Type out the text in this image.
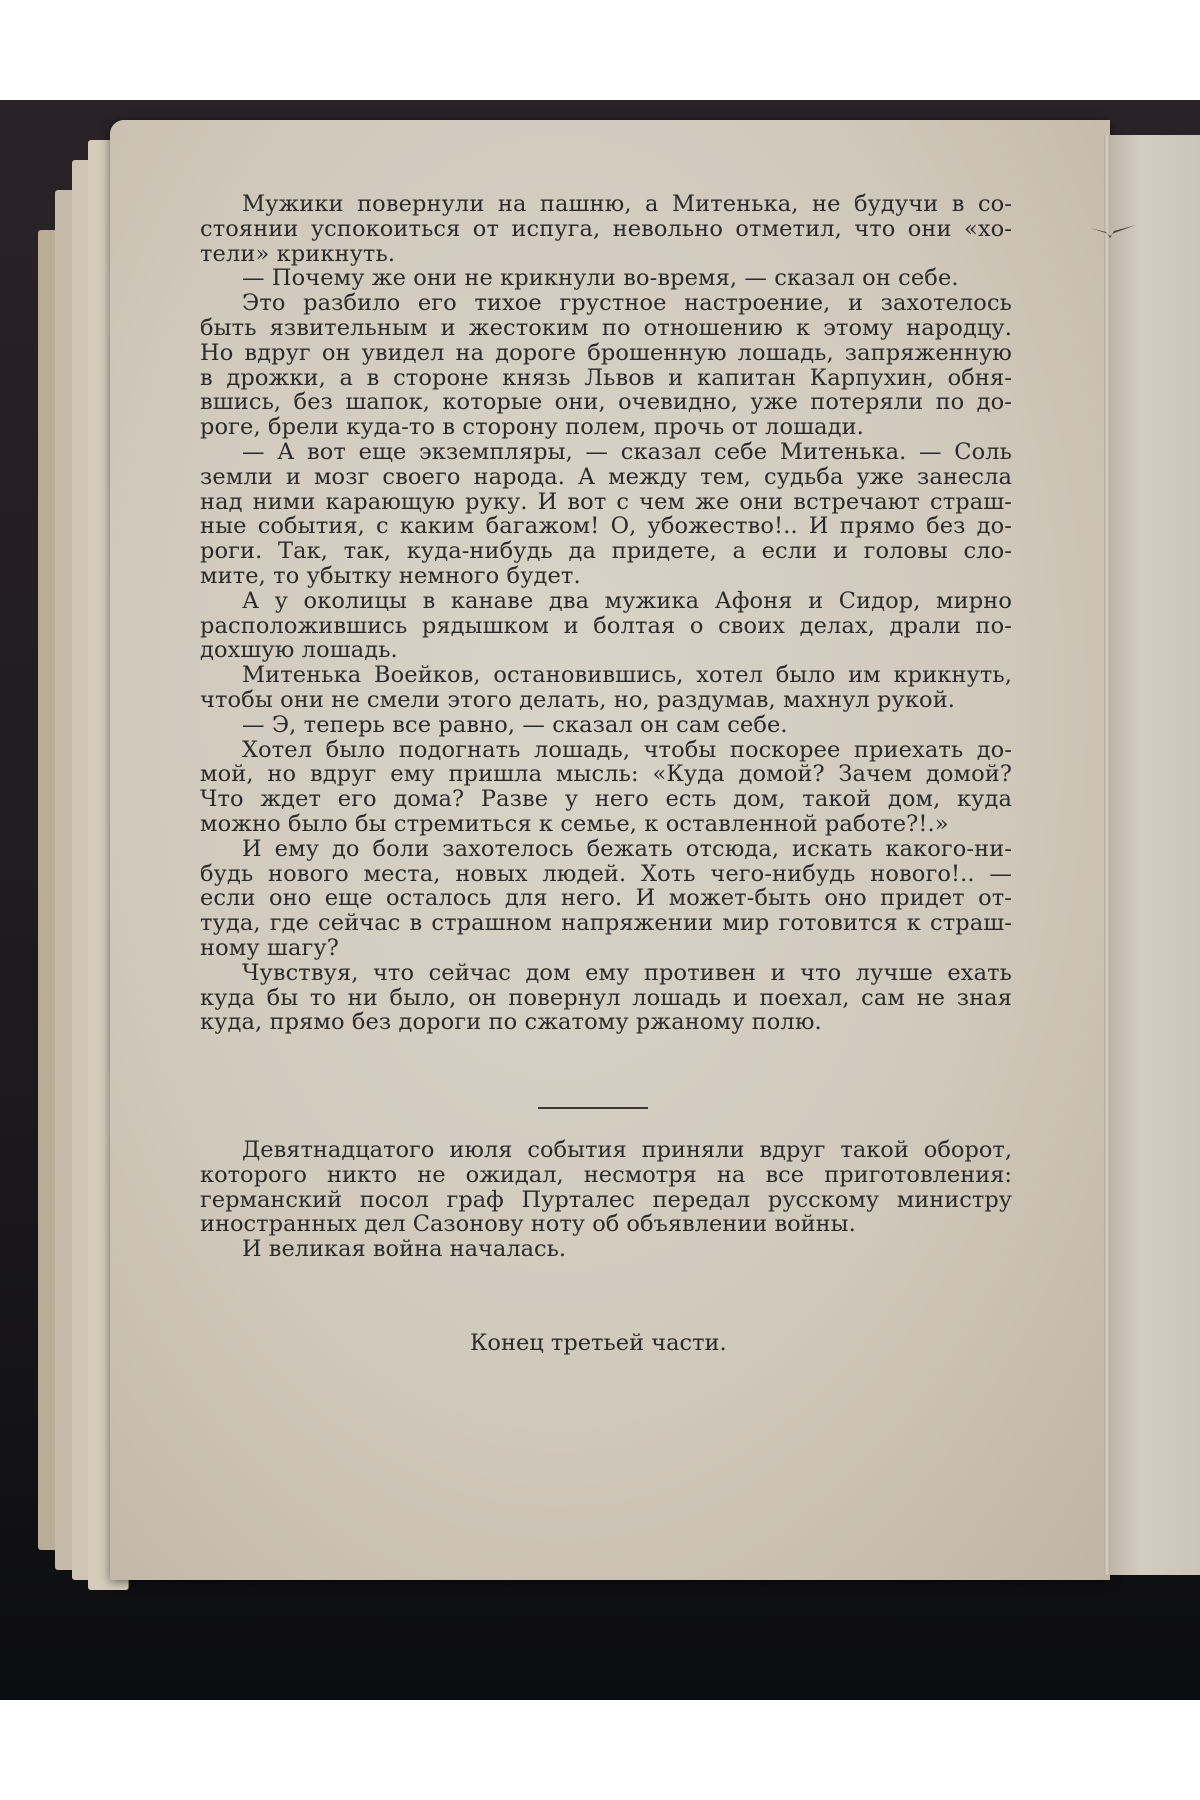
Мужики повернули на пашню, а Митенька, не будучи в со-
стоянии успокоиться от испуга, невольно отметил, что они «хо-
тели» крикнуть.
— Почему же они не крикнули во-время, — сказал он себе.
Это разбило его тихое грустное настроение, и захотелось
быть язвительным и жестоким по отношению к этому народцу.
Но вдруг он увидел на дороге брошенную лошадь, запряженную
в дрожки, а в стороне князь Львов и капитан Карпухин, обня-
вшись, без шапок, которые они, очевидно, уже потеряли по до-
роге, брели куда-то в сторону полем, прочь от лошади.
— А вот еще экземпляры, — сказал себе Митенька. — Соль
земли и мозг своего народа. А между тем, судьба уже занесла
над ними карающую руку. И вот с чем же они встречают страш-
ные события, с каким багажом! О, убожество!.. И прямо без до-
роги. Так, так, куда-нибудь да придете, а если и головы сло-
мите, то убытку немного будет.
А у околицы в канаве два мужика Афоня и Сидор, мирно
расположившись рядышком и болтая о своих делах, драли по-
дохшую лошадь.
Митенька Воейков, остановившись, хотел было им крикнуть,
чтобы они не смели этого делать, но, раздумав, махнул рукой.
— Э, теперь все равно, — сказал он сам себе.
Хотел было подогнать лошадь, чтобы поскорее приехать до-
мой, но вдруг ему пришла мысль: «Куда домой? Зачем домой?
Что ждет его дома? Разве у него есть дом, такой дом, куда
можно было бы стремиться к семье, к оставленной работе?!.»
И ему до боли захотелось бежать отсюда, искать какого-ни-
будь нового места, новых людей. Хоть чего-нибудь нового!.. —
если оно еще осталось для него. И может-быть оно придет от-
туда, где сейчас в страшном напряжении мир готовится к страш-
ному шагу?
Чувствуя, что сейчас дом ему противен и что лучше ехать
куда бы то ни было, он повернул лошадь и поехал, сам не зная
куда, прямо без дороги по сжатому ржаному полю.
Девятнадцатого июля события приняли вдруг такой оборот,
которого никто не ожидал, несмотря на все приготовления:
германский посол граф Пурталес передал русскому министру
иностранных дел Сазонову ноту об объявлении войны.
И великая война началась.
Конец третьей части.
